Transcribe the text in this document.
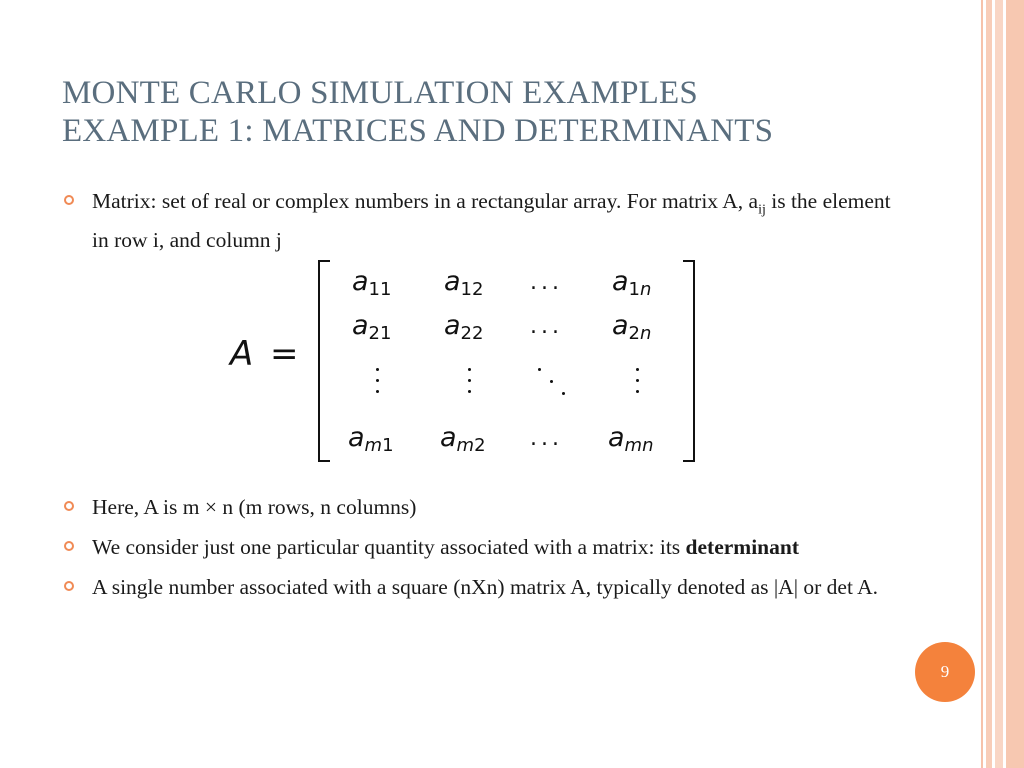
MONTE CARLO SIMULATION EXAMPLES
EXAMPLE 1: MATRICES AND DETERMINANTS
Matrix: set of real or complex numbers in a rectangular array. For matrix A, $a_{ij}$ is the element in row i, and column j
A =
$a_{11}$ $a_{12}$ ... $a_{1n}$
$a_{21}$ $a_{22}$ ... $a_{2n}$
$a_{m1}$ $a_{m2}$ ... $a_{mn}$
Here, A is m × n (m rows, n columns)
We consider just one particular quantity associated with a matrix: its determinant
A single number associated with a square (nXn) matrix A, typically denoted as |A| or det A.
9
